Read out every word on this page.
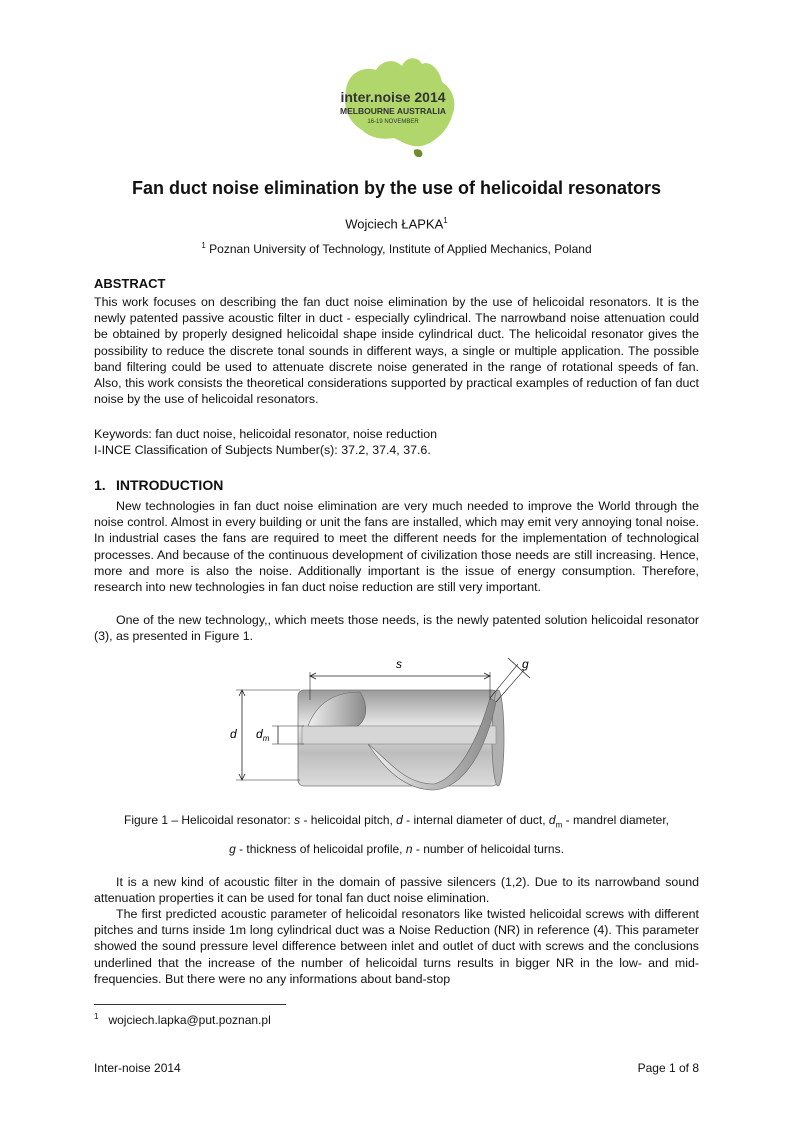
inter.noise 2014
MELBOURNE AUSTRALIA
16-19 NOVEMBER
Fan duct noise elimination by the use of helicoidal resonators
Wojciech ŁAPKA$^1$
$^1$ Poznan University of Technology, Institute of Applied Mechanics, Poland
ABSTRACT
This work focuses on describing the fan duct noise elimination by the use of helicoidal resonators. It is the newly patented passive acoustic filter in duct - especially cylindrical. The narrowband noise attenuation could be obtained by properly designed helicoidal shape inside cylindrical duct. The helicoidal resonator gives the possibility to reduce the discrete tonal sounds in different ways, a single or multiple application. The possible band filtering could be used to attenuate discrete noise generated in the range of rotational speeds of fan. Also, this work consists the theoretical considerations supported by practical examples of reduction of fan duct noise by the use of helicoidal resonators.
Keywords: fan duct noise, helicoidal resonator, noise reduction
I-INCE Classification of Subjects Number(s): 37.2, 37.4, 37.6.
1. INTRODUCTION
New technologies in fan duct noise elimination are very much needed to improve the World through the noise control. Almost in every building or unit the fans are installed, which may emit very annoying tonal noise. In industrial cases the fans are required to meet the different needs for the implementation of technological processes. And because of the continuous development of civilization those needs are still increasing. Hence, more and more is also the noise. Additionally important is the issue of energy consumption. Therefore, research into new technologies in fan duct noise reduction are still very important.
One of the new technology,, which meets those needs, is the newly patented solution helicoidal resonator (3), as presented in Figure 1.
d $d_m$
s	g
Figure 1 – Helicoidal resonator: s - helicoidal pitch, d - internal diameter of duct, $d_m$ - mandrel diameter,
g - thickness of helicoidal profile, n - number of helicoidal turns.
It is a new kind of acoustic filter in the domain of passive silencers (1,2). Due to its narrowband sound attenuation properties it can be used for tonal fan duct noise elimination.
The first predicted acoustic parameter of helicoidal resonators like twisted helicoidal screws with different pitches and turns inside 1m long cylindrical duct was a Noise Reduction (NR) in reference (4). This parameter showed the sound pressure level difference between inlet and outlet of duct with screws and the conclusions underlined that the increase of the number of helicoidal turns results in bigger NR in the low- and mid-frequencies. But there were no any informations about band-stop
$^1$ wojciech.lapka@put.poznan.pl
Inter-noise 2014	Page 1 of 8
